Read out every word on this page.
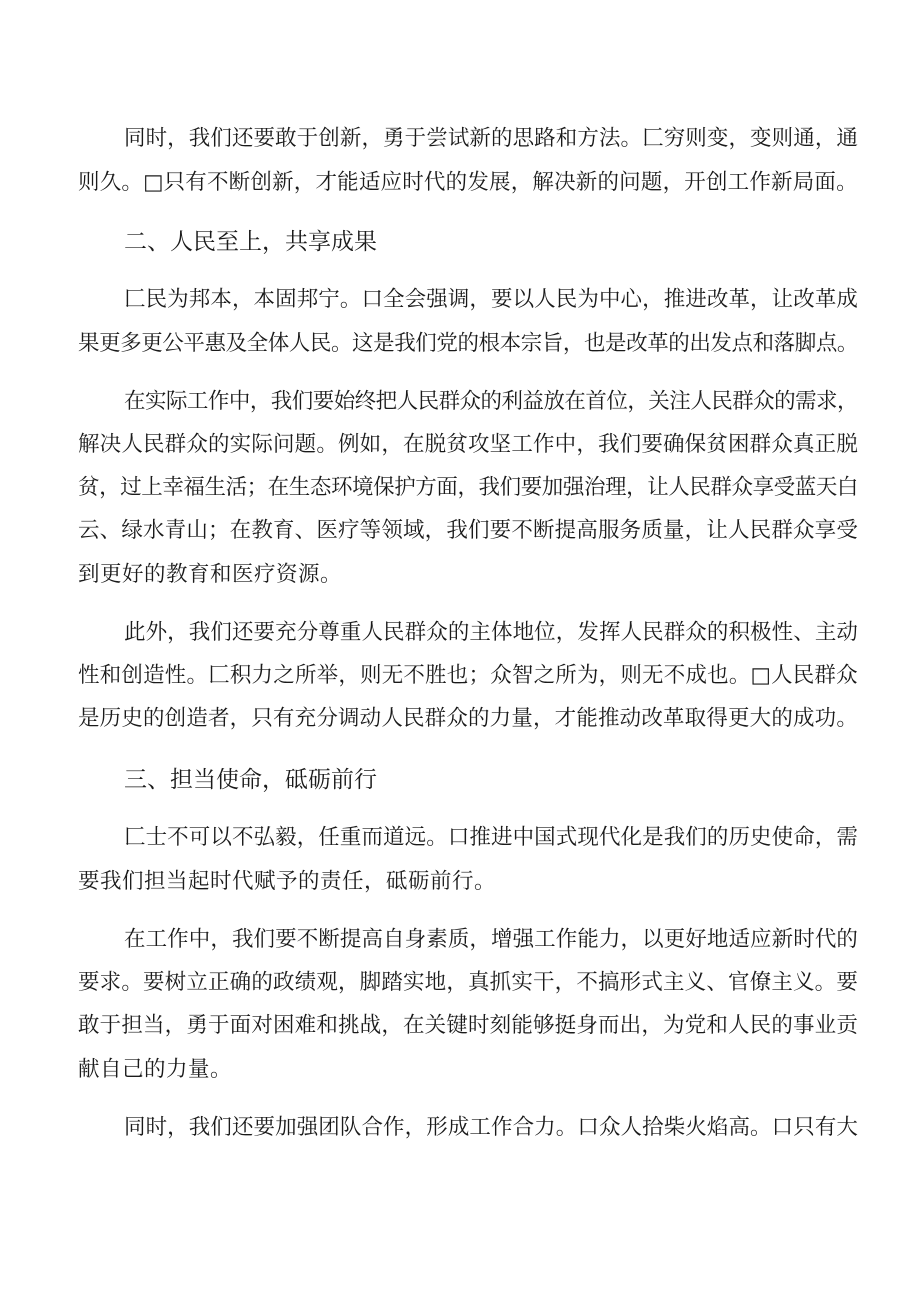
同时，我们还要敢于创新，勇于尝试新的思路和方法。匚穷则变，变则通，通
则久。□只有不断创新，才能适应时代的发展，解决新的问题，开创工作新局面。
二、人民至上，共享成果
匚民为邦本，本固邦宁。口全会强调，要以人民为中心，推进改革，让改革成
果更多更公平惠及全体人民。这是我们党的根本宗旨，也是改革的出发点和落脚点。
在实际工作中，我们要始终把人民群众的利益放在首位，关注人民群众的需求，
解决人民群众的实际问题。例如，在脱贫攻坚工作中，我们要确保贫困群众真正脱
贫，过上幸福生活；在生态环境保护方面，我们要加强治理，让人民群众享受蓝天白
云、绿水青山；在教育、医疗等领域，我们要不断提高服务质量，让人民群众享受
到更好的教育和医疗资源。
此外，我们还要充分尊重人民群众的主体地位，发挥人民群众的积极性、主动
性和创造性。匚积力之所举，则无不胜也；众智之所为，则无不成也。□人民群众
是历史的创造者，只有充分调动人民群众的力量，才能推动改革取得更大的成功。
三、担当使命，砥砺前行
匚士不可以不弘毅，任重而道远。口推进中国式现代化是我们的历史使命，需
要我们担当起时代赋予的责任，砥砺前行。
在工作中，我们要不断提高自身素质，增强工作能力，以更好地适应新时代的
要求。要树立正确的政绩观，脚踏实地，真抓实干，不搞形式主义、官僚主义。要
敢于担当，勇于面对困难和挑战，在关键时刻能够挺身而出，为党和人民的事业贡
献自己的力量。
同时，我们还要加强团队合作，形成工作合力。口众人拾柴火焰高。口只有大
